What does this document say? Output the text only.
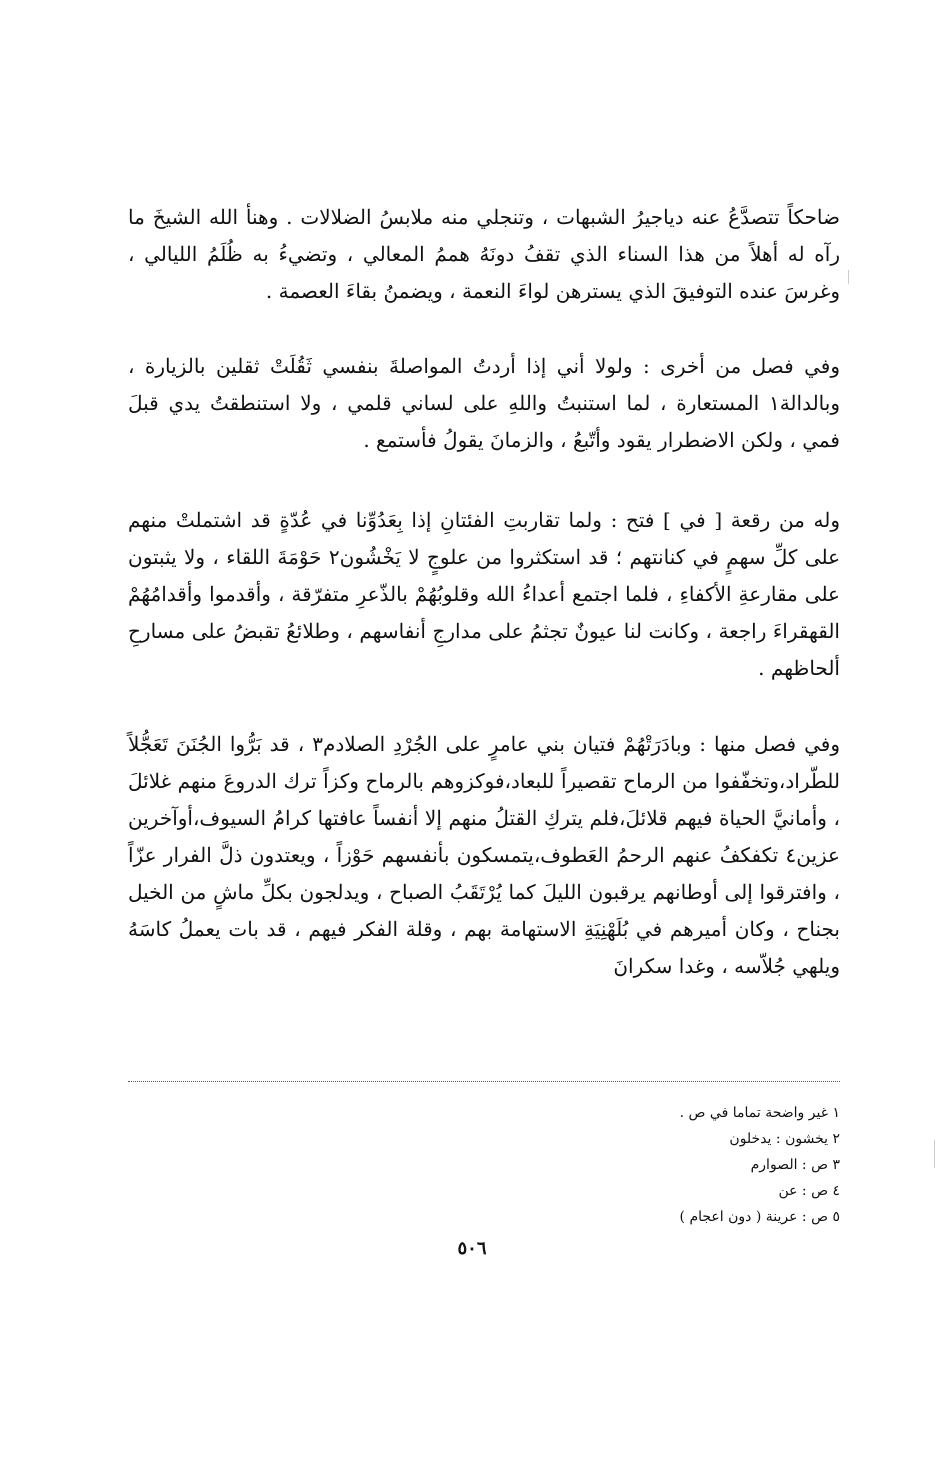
ضاحكاً تتصدَّعُ عنه دياجيرُ الشبهات ، وتنجلي منه ملابسُ الضلالات . وهنأ الله الشيخَ ما رآه له أهلاً من هذا السناء الذي تقفُ دونَهُ هممُ المعالي ، وتضيءُ به ظُلَمُ الليالي ، وغرسَ عنده التوفيقَ الذي يسترهن لواءَ النعمة ، ويضمنُ بقاءَ العصمة .

وفي فصل من أخرى : ولولا أني إذا أردتُ المواصلةَ بنفسي ثَقُلَتْ ثقلين بالزيارة ، وبالدالة١ المستعارة ، لما استنبتُ واللهِ على لساني قلمي ، ولا استنطقتُ يدي قبلَ فمي ، ولكن الاضطرار يقود وأتّبعُ ، والزمانَ يقولُ فأستمع .

وله من رقعة [ في ] فتح : ولما تقاربتِ الفئتانِ إذا بِعَدُوِّنا في عُدّةٍ قد اشتملتْ منهم على كلِّ سهمٍ في كنانتهم ؛ قد استكثروا من علوجٍ لا يَخْشُون٢ حَوْمَةَ اللقاء ، ولا يثبتون على مقارعةِ الأكفاءِ ، فلما اجتمع أعداءُ الله وقلوبُهُمْ بالذّعرِ متفرّقة ، وأقدموا وأقدامُهُمْ القهقراءَ راجعة ، وكانت لنا عيونٌ تجثمُ على مدارجِ أنفاسهم ، وطلائعُ تقبضُ على مسارحِ ألحاظهم .

وفي فصل منها : وبادَرَتْهُمْ فتيان بني عامرٍ على الجُرْدِ الصلادم٣ ، قد بَرُّوا الجُنَنَ تَعَجُّلاً للطّراد،وتخفّفوا من الرماح تقصيراً للبعاد،فوكزوهم بالرماح وكزاً ترك الدروعَ منهم غلائلَ ، وأمانيَّ الحياة فيهم قلائلَ،فلم يتركِ القتلُ منهم إلا أنفساً عافتها كرامُ السيوف،أوآخرين عزين٤ تكفكفُ عنهم الرحمُ العَطوف،يتمسكون بأنفسهم حَوْزاً ، ويعتدون ذلَّ الفرار عزّاً ، وافترقوا إلى أوطانهم يرقبون الليلَ كما يُرْتَقَبُ الصباح ، ويدلجون بكلِّ ماشٍ من الخيل بجناح ، وكان أميرهم في بُلَهْنِيَةِ الاستهامة بهم ، وقلة الفكر فيهم ، قد بات يعملُ كاسَهُ ويلهي جُلاّسه ، وغدا سكرانَ

١ غير واضحة تماما في ص .
٢ يخشون : يدخلون
٣ ص : الصوارم
٤ ص : عن
٥ ص : عرينة ( دون اعجام )
٥٠٦
